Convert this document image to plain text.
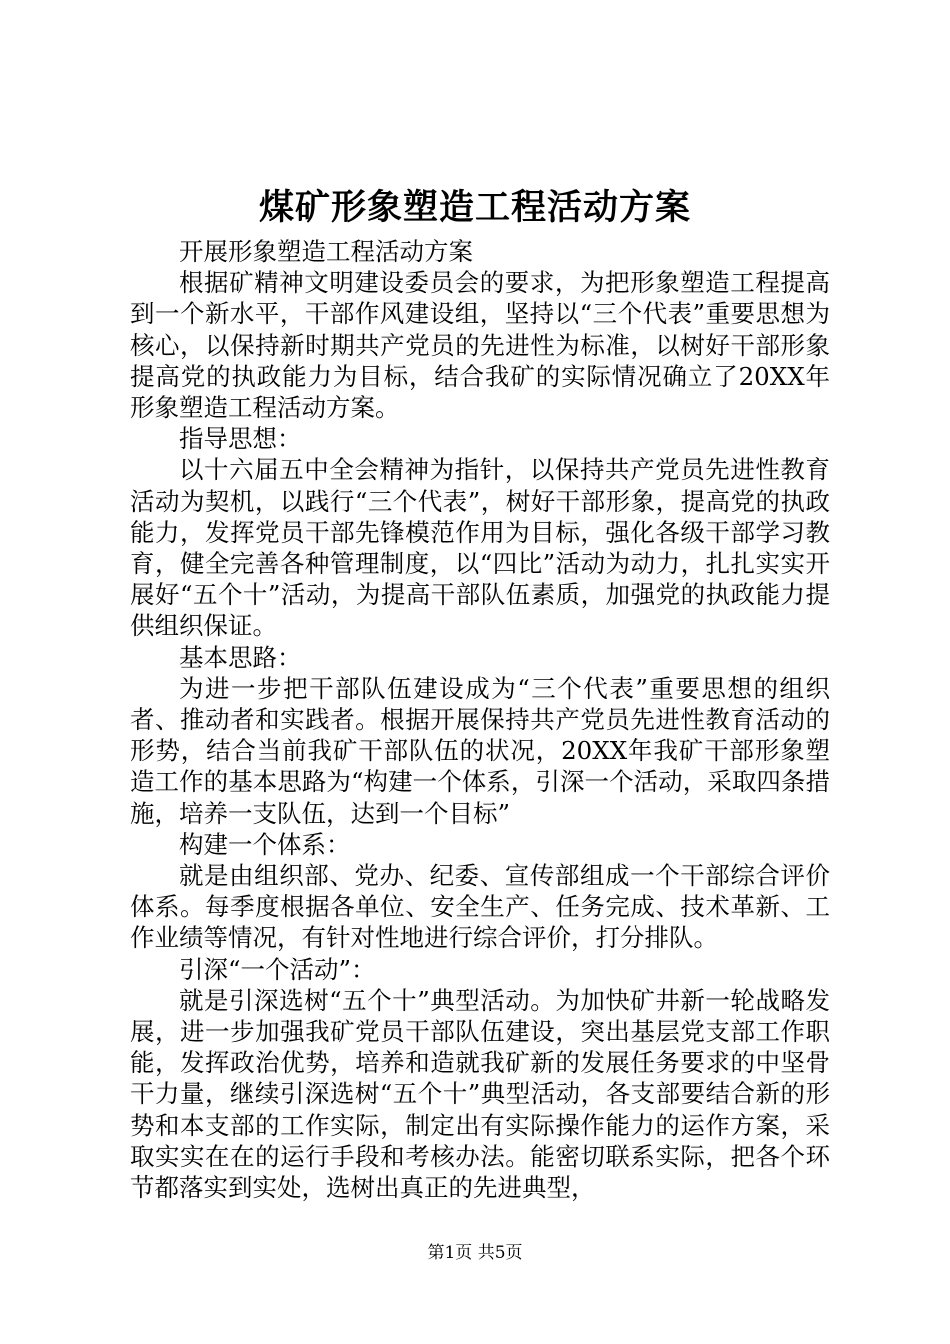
煤矿形象塑造工程活动方案

开展形象塑造工程活动方案

根据矿精神文明建设委员会的要求，为把形象塑造工程提高到一个新水平，干部作风建设组，坚持以“三个代表”重要思想为核心，以保持新时期共产党员的先进性为标准，以树好干部形象提高党的执政能力为目标，结合我矿的实际情况确立了20XX年形象塑造工程活动方案。

指导思想：

以十六届五中全会精神为指针，以保持共产党员先进性教育活动为契机，以践行“三个代表”，树好干部形象，提高党的执政能力，发挥党员干部先锋模范作用为目标，强化各级干部学习教育，健全完善各种管理制度，以“四比”活动为动力，扎扎实实开展好“五个十”活动，为提高干部队伍素质，加强党的执政能力提供组织保证。

基本思路：

为进一步把干部队伍建设成为“三个代表”重要思想的组织者、推动者和实践者。根据开展保持共产党员先进性教育活动的形势，结合当前我矿干部队伍的状况，20XX年我矿干部形象塑造工作的基本思路为“构建一个体系，引深一个活动，采取四条措施，培养一支队伍，达到一个目标”

构建一个体系：

就是由组织部、党办、纪委、宣传部组成一个干部综合评价体系。每季度根据各单位、安全生产、任务完成、技术革新、工作业绩等情况，有针对性地进行综合评价，打分排队。

引深“一个活动”：

就是引深选树“五个十”典型活动。为加快矿井新一轮战略发展，进一步加强我矿党员干部队伍建设，突出基层党支部工作职能，发挥政治优势，培养和造就我矿新的发展任务要求的中坚骨干力量，继续引深选树“五个十”典型活动，各支部要结合新的形势和本支部的工作实际，制定出有实际操作能力的运作方案，采取实实在在的运行手段和考核办法。能密切联系实际，把各个环节都落实到实处，选树出真正的先进典型，

第1页 共5页
